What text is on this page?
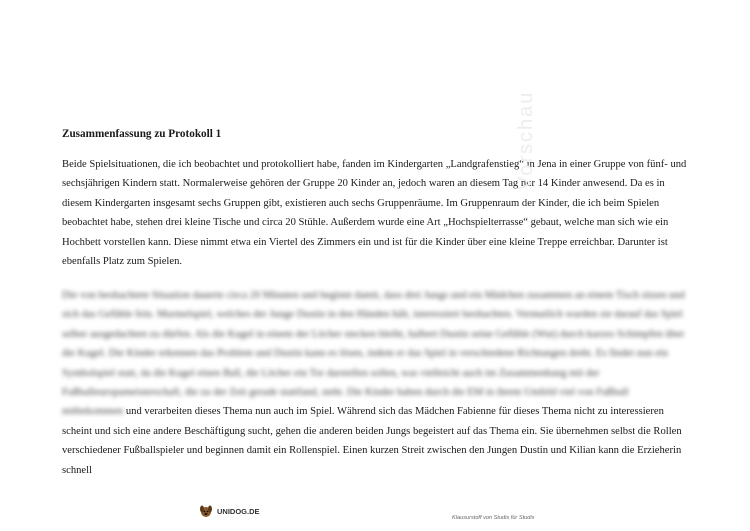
Zusammenfassung zu Protokoll 1

Beide Spielsituationen, die ich beobachtet und protokolliert habe, fanden im Kindergarten „Landgrafenstieg“ in Jena in einer Gruppe von fünf- und sechsjährigen Kindern statt. Normalerweise gehören der Gruppe 20 Kinder an, jedoch waren an diesem Tag nur 14 Kinder anwesend. Da es in diesem Kindergarten insgesamt sechs Gruppen gibt, existieren auch sechs Gruppenräume. Im Gruppenraum der Kinder, die ich beim Spielen beobachtet habe, stehen drei kleine Tische und circa 20 Stühle. Außerdem wurde eine Art „Hochspielterrasse“ gebaut, welche man sich wie ein Hochbett vorstellen kann. Diese nimmt etwa ein Viertel des Zimmers ein und ist für die Kinder über eine kleine Treppe erreichbar. Darunter ist ebenfalls Platz zum Spielen.

Die von beobachtete Situation dauerte circa 20 Minuten und beginnt damit, dass drei Jungs und ein Mädchen zusammen an einem Tisch sitzen und sich das Gefühle fein. Murmelspiel, welches der Junge Dustin in den Händen hält, interessiert beobachten. Vermutlich wurden sie darauf das Spiel selber ausgedachten zu dürfen. Als die Kugel in einem der Löcher stecken bleibt, halbert Dustin seine Gefühle (Wut) durch kurzes Schimpfen über die Kugel. Die Kinder erkennen das Problem und Dustin kann es lösen, indem er das Spiel in verschiedene Richtungen dreht. Es findet nun ein Symbolspiel statt, da die Kugel einen Ball, die Löcher ein Tor darstellen sollen, was vielleicht auch im Zusammenhang mit der Fußballeuropameisterschaft, die zu der Zeit gerade stattfand, steht. Die Kinder haben durch die EM in ihrem Umfeld viel von Fußball mitbekommen und verarbeiten dieses Thema nun auch im Spiel. Während sich das Mädchen Fabienne für dieses Thema nicht zu interessieren scheint und sich eine andere Beschäftigung sucht, gehen die anderen beiden Jungs begeistert auf das Thema ein. Sie übernehmen selbst die Rollen verschiedener Fußballspieler und beginnen damit ein Rollenspiel. Einen kurzen Streit zwischen den Jungen Dustin und Kilian kann die Erzieherin schnell

Vorschau
UNIDOG.DE
Klausurstoff von Studis für Studis
